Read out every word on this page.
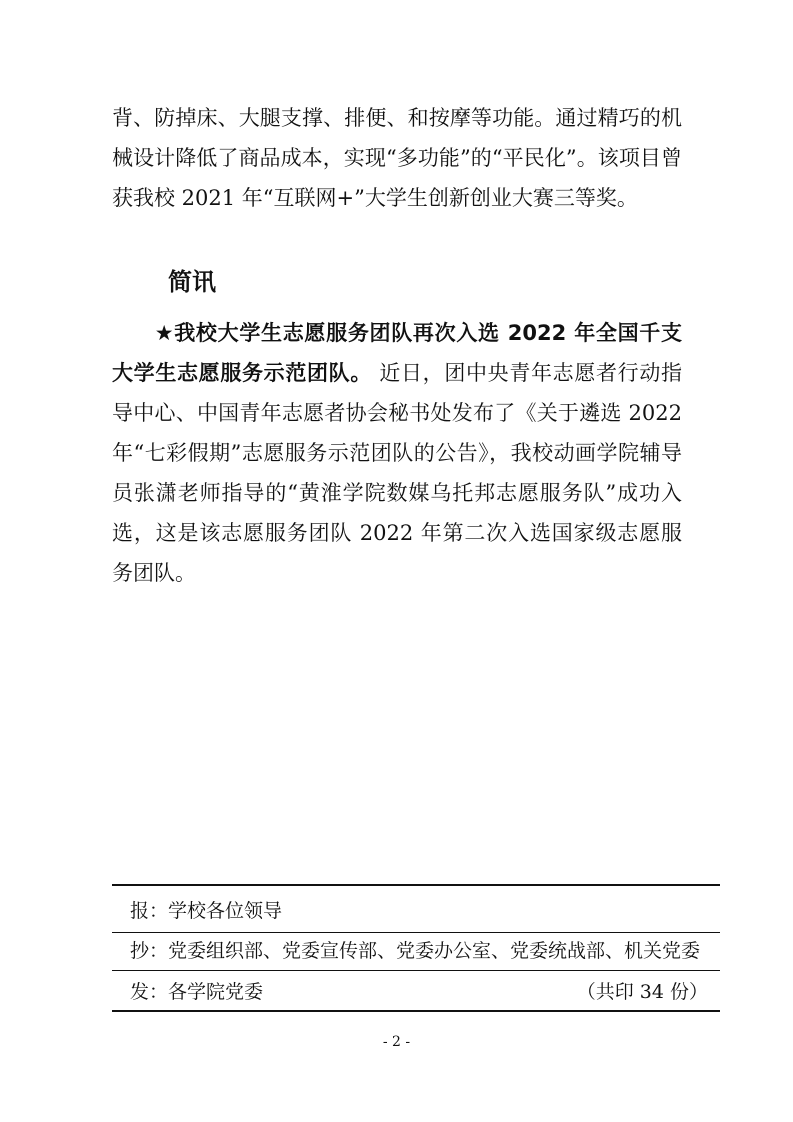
背、防掉床、大腿支撑、排便、和按摩等功能。通过精巧的机械设计降低了商品成本，实现“多功能”的“平民化”。该项目曾获我校 2021 年“互联网+”大学生创新创业大赛三等奖。

简讯

★我校大学生志愿服务团队再次入选 2022 年全国千支大学生志愿服务示范团队。 近日，团中央青年志愿者行动指导中心、中国青年志愿者协会秘书处发布了《关于遴选 2022 年“七彩假期”志愿服务示范团队的公告》，我校动画学院辅导员张潇老师指导的“黄淮学院数媒乌托邦志愿服务队”成功入选，这是该志愿服务团队 2022 年第二次入选国家级志愿服务团队。

报：学校各位领导
抄：党委组织部、党委宣传部、党委办公室、党委统战部、机关党委
发：各学院党委	（共印 34 份）
- 2 -
